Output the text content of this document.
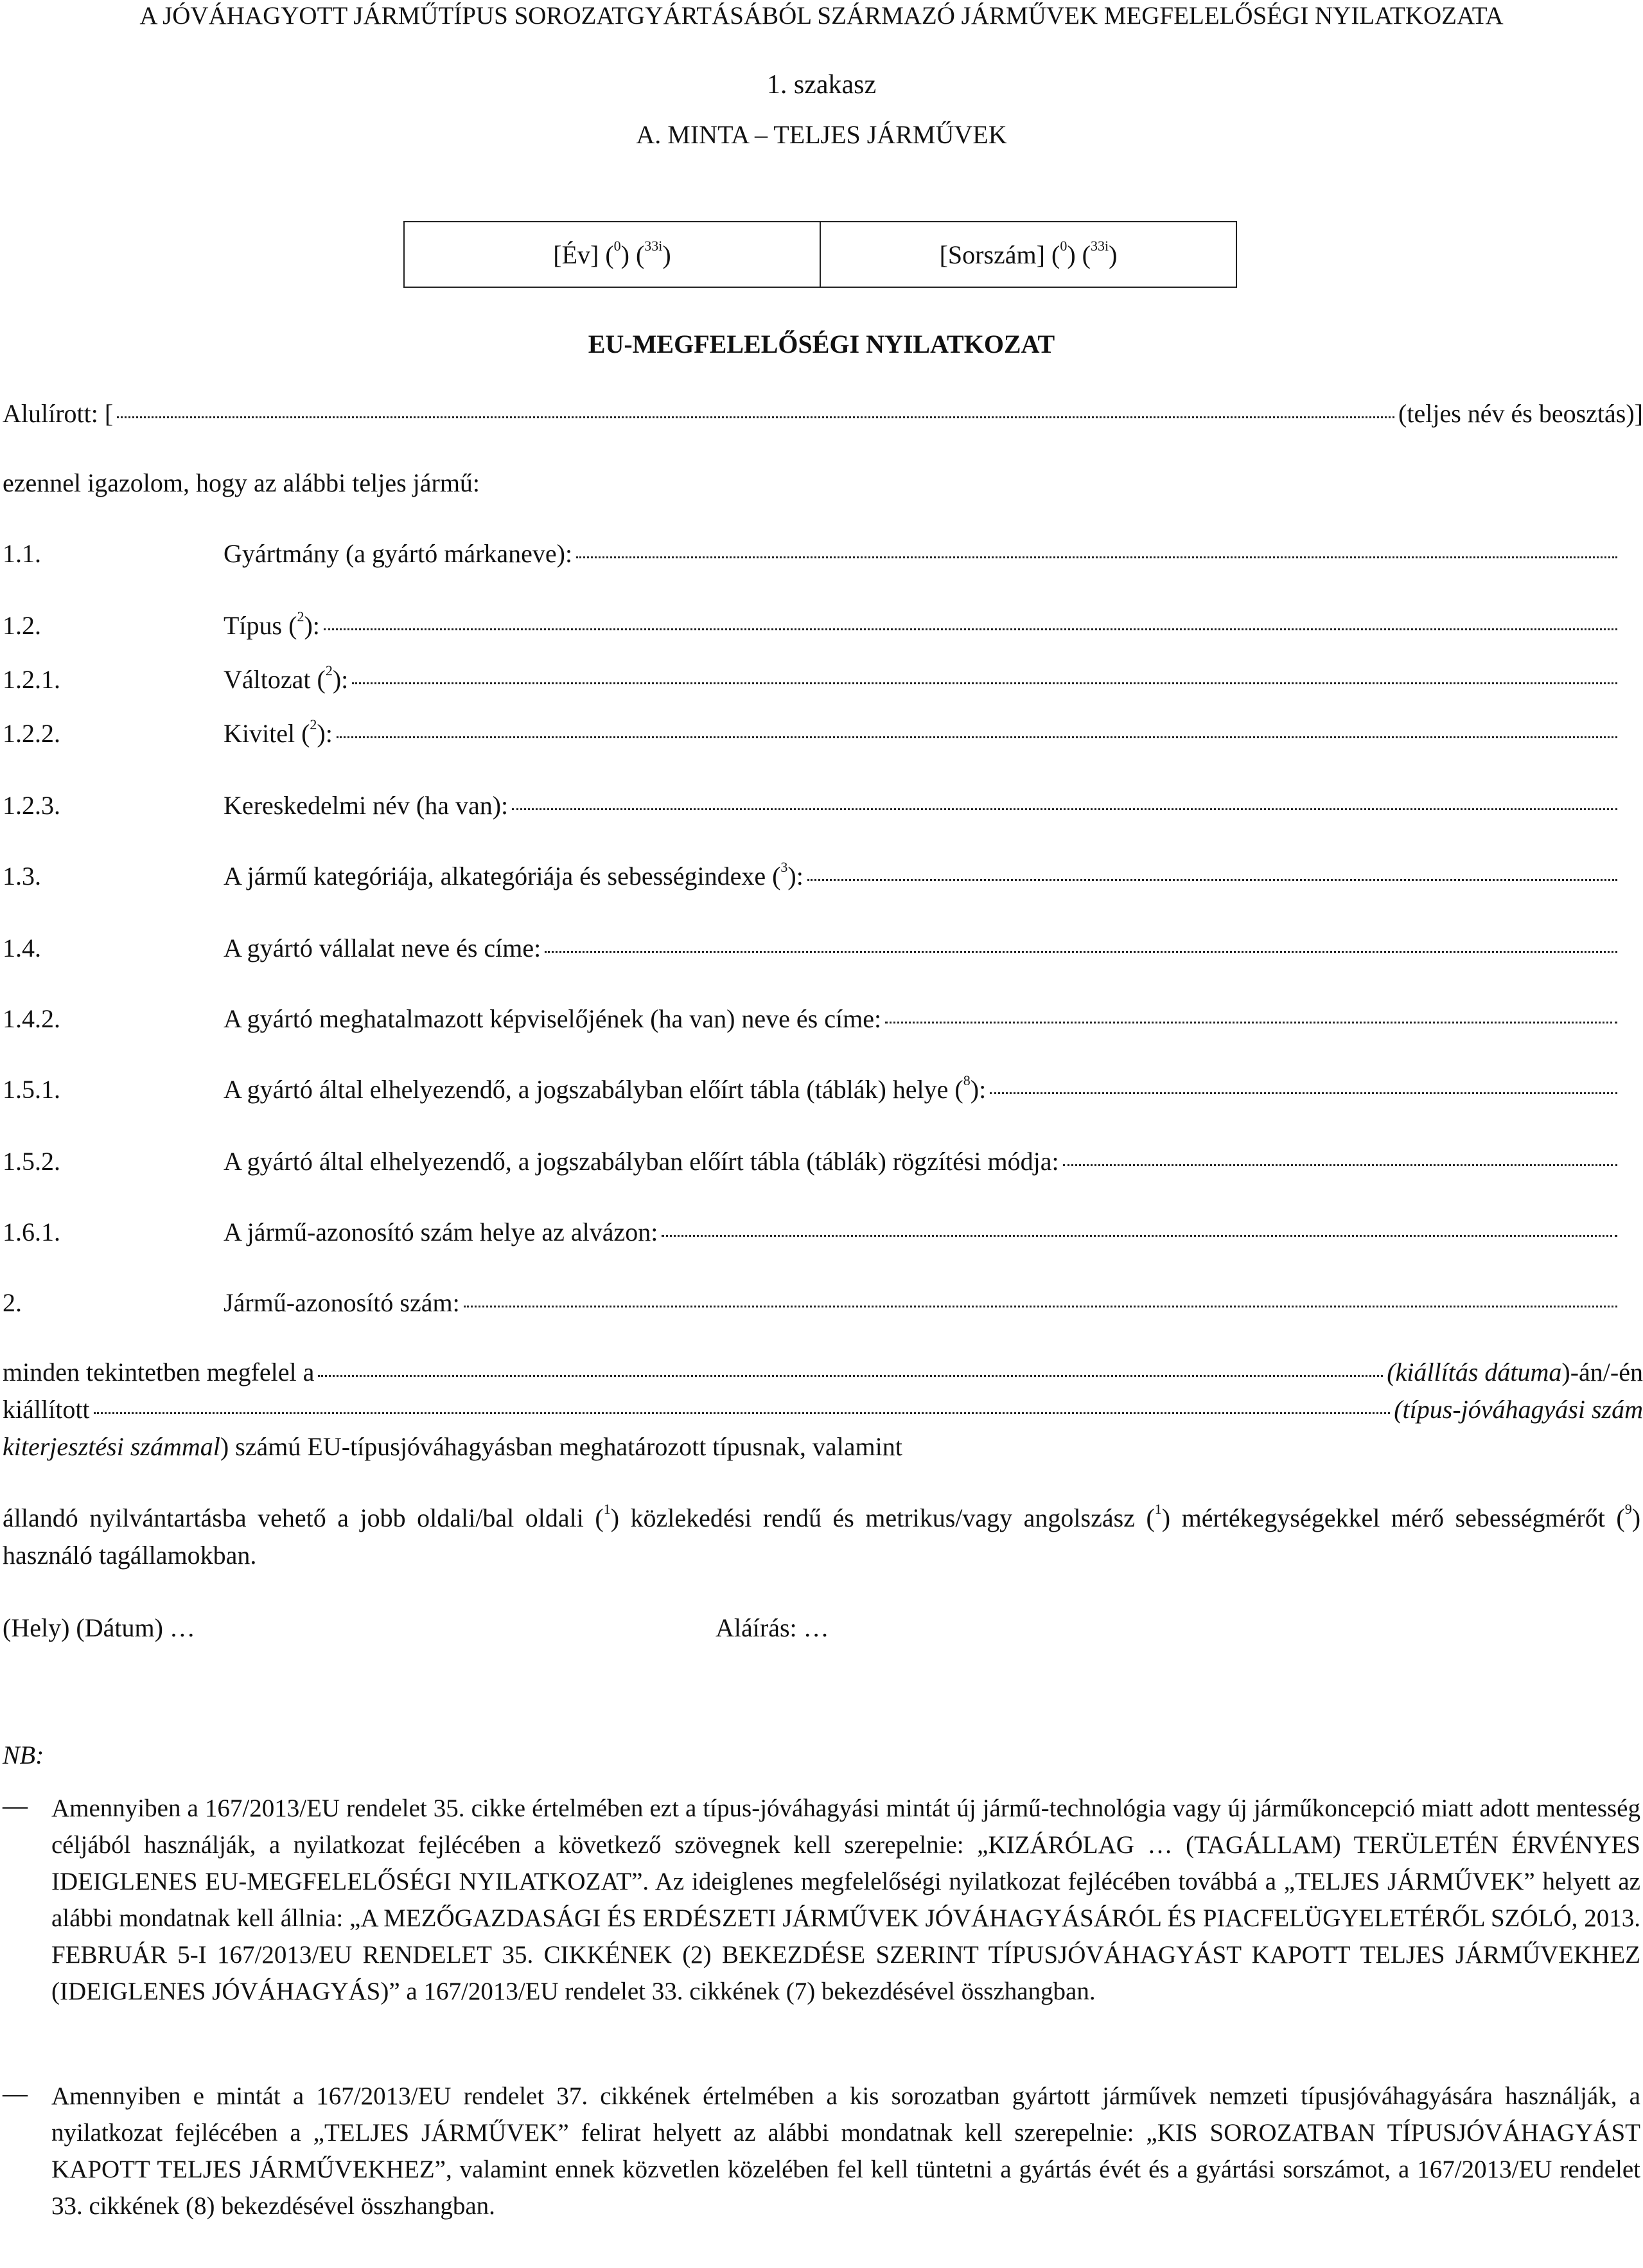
A JÓVÁHAGYOTT JÁRMŰTÍPUS SOROZATGYÁRTÁSÁBÓL SZÁRMAZÓ JÁRMŰVEK MEGFELELŐSÉGI NYILATKOZATA
1. szakasz
A. MINTA – TELJES JÁRMŰVEK
[Év] ($^0$) ($^{33i}$)	[Sorszám] ($^0$) ($^{33i}$)
EU-MEGFELELŐSÉGI NYILATKOZAT
Alulírott: [	(teljes név és beosztás)]
ezennel igazolom, hogy az alábbi teljes jármű:
1.1.	Gyártmány (a gyártó márkaneve):
1.2.	Típus ($^2$):
1.2.1.	Változat ($^2$):
1.2.2.	Kivitel ($^2$):
1.2.3.	Kereskedelmi név (ha van):
1.3.	A jármű kategóriája, alkategóriája és sebességindexe ($^3$):
1.4.	A gyártó vállalat neve és címe:
1.4.2.	A gyártó meghatalmazott képviselőjének (ha van) neve és címe:
1.5.1.	A gyártó által elhelyezendő, a jogszabályban előírt tábla (táblák) helye ($^8$):
1.5.2.	A gyártó által elhelyezendő, a jogszabályban előírt tábla (táblák) rögzítési módja:
1.6.1.	A jármű-azonosító szám helye az alvázon:
2.	Jármű-azonosító szám:
minden tekintetben megfelel a	(kiállítás dátuma)-án/-én
kiállított	(típus-jóváhagyási szám
kiterjesztési számmal) számú EU-típusjóváhagyásban meghatározott típusnak, valamint
állandó nyilvántartásba vehető a jobb oldali/bal oldali ($^1$) közlekedési rendű és metrikus/vagy angolszász ($^1$) mértékegységekkel mérő sebességmérőt ($^9$) használó tagállamokban.
(Hely) (Dátum) …	Aláírás: …
NB:
— Amennyiben a 167/2013/EU rendelet 35. cikke értelmében ezt a típus-jóváhagyási mintát új jármű-technológia vagy új járműkoncepció miatt adott mentesség céljából használják, a nyilatkozat fejlécében a következő szövegnek kell szerepelnie: „KIZÁRÓLAG … (TAGÁLLAM) TERÜLETÉN ÉRVÉNYES IDEIGLENES EU-MEGFELELŐSÉGI NYILATKOZAT”. Az ideiglenes megfelelőségi nyilatkozat fejlécében továbbá a „TELJES JÁRMŰVEK” helyett az alábbi mondatnak kell állnia: „A MEZŐGAZDASÁGI ÉS ERDÉSZETI JÁRMŰVEK JÓVÁHAGYÁSÁRÓL ÉS PIACFELÜGYELETÉRŐL SZÓLÓ, 2013. FEBRUÁR 5-I 167/2013/EU RENDELET 35. CIKKÉNEK (2) BEKEZDÉSE SZERINT TÍPUSJÓVÁHAGYÁST KAPOTT TELJES JÁRMŰVEKHEZ (IDEIGLENES JÓVÁHAGYÁS)” a 167/2013/EU rendelet 33. cikkének (7) bekezdésével összhangban.
— Amennyiben e mintát a 167/2013/EU rendelet 37. cikkének értelmében a kis sorozatban gyártott járművek nemzeti típusjóváhagyására használják, a nyilatkozat fejlécében a „TELJES JÁRMŰVEK” felirat helyett az alábbi mondatnak kell szerepelnie: „KIS SOROZATBAN TÍPUSJÓVÁHAGYÁST KAPOTT TELJES JÁRMŰVEKHEZ”, valamint ennek közvetlen közelében fel kell tüntetni a gyártás évét és a gyártási sorszámot, a 167/2013/EU rendelet 33. cikkének (8) bekezdésével összhangban.
